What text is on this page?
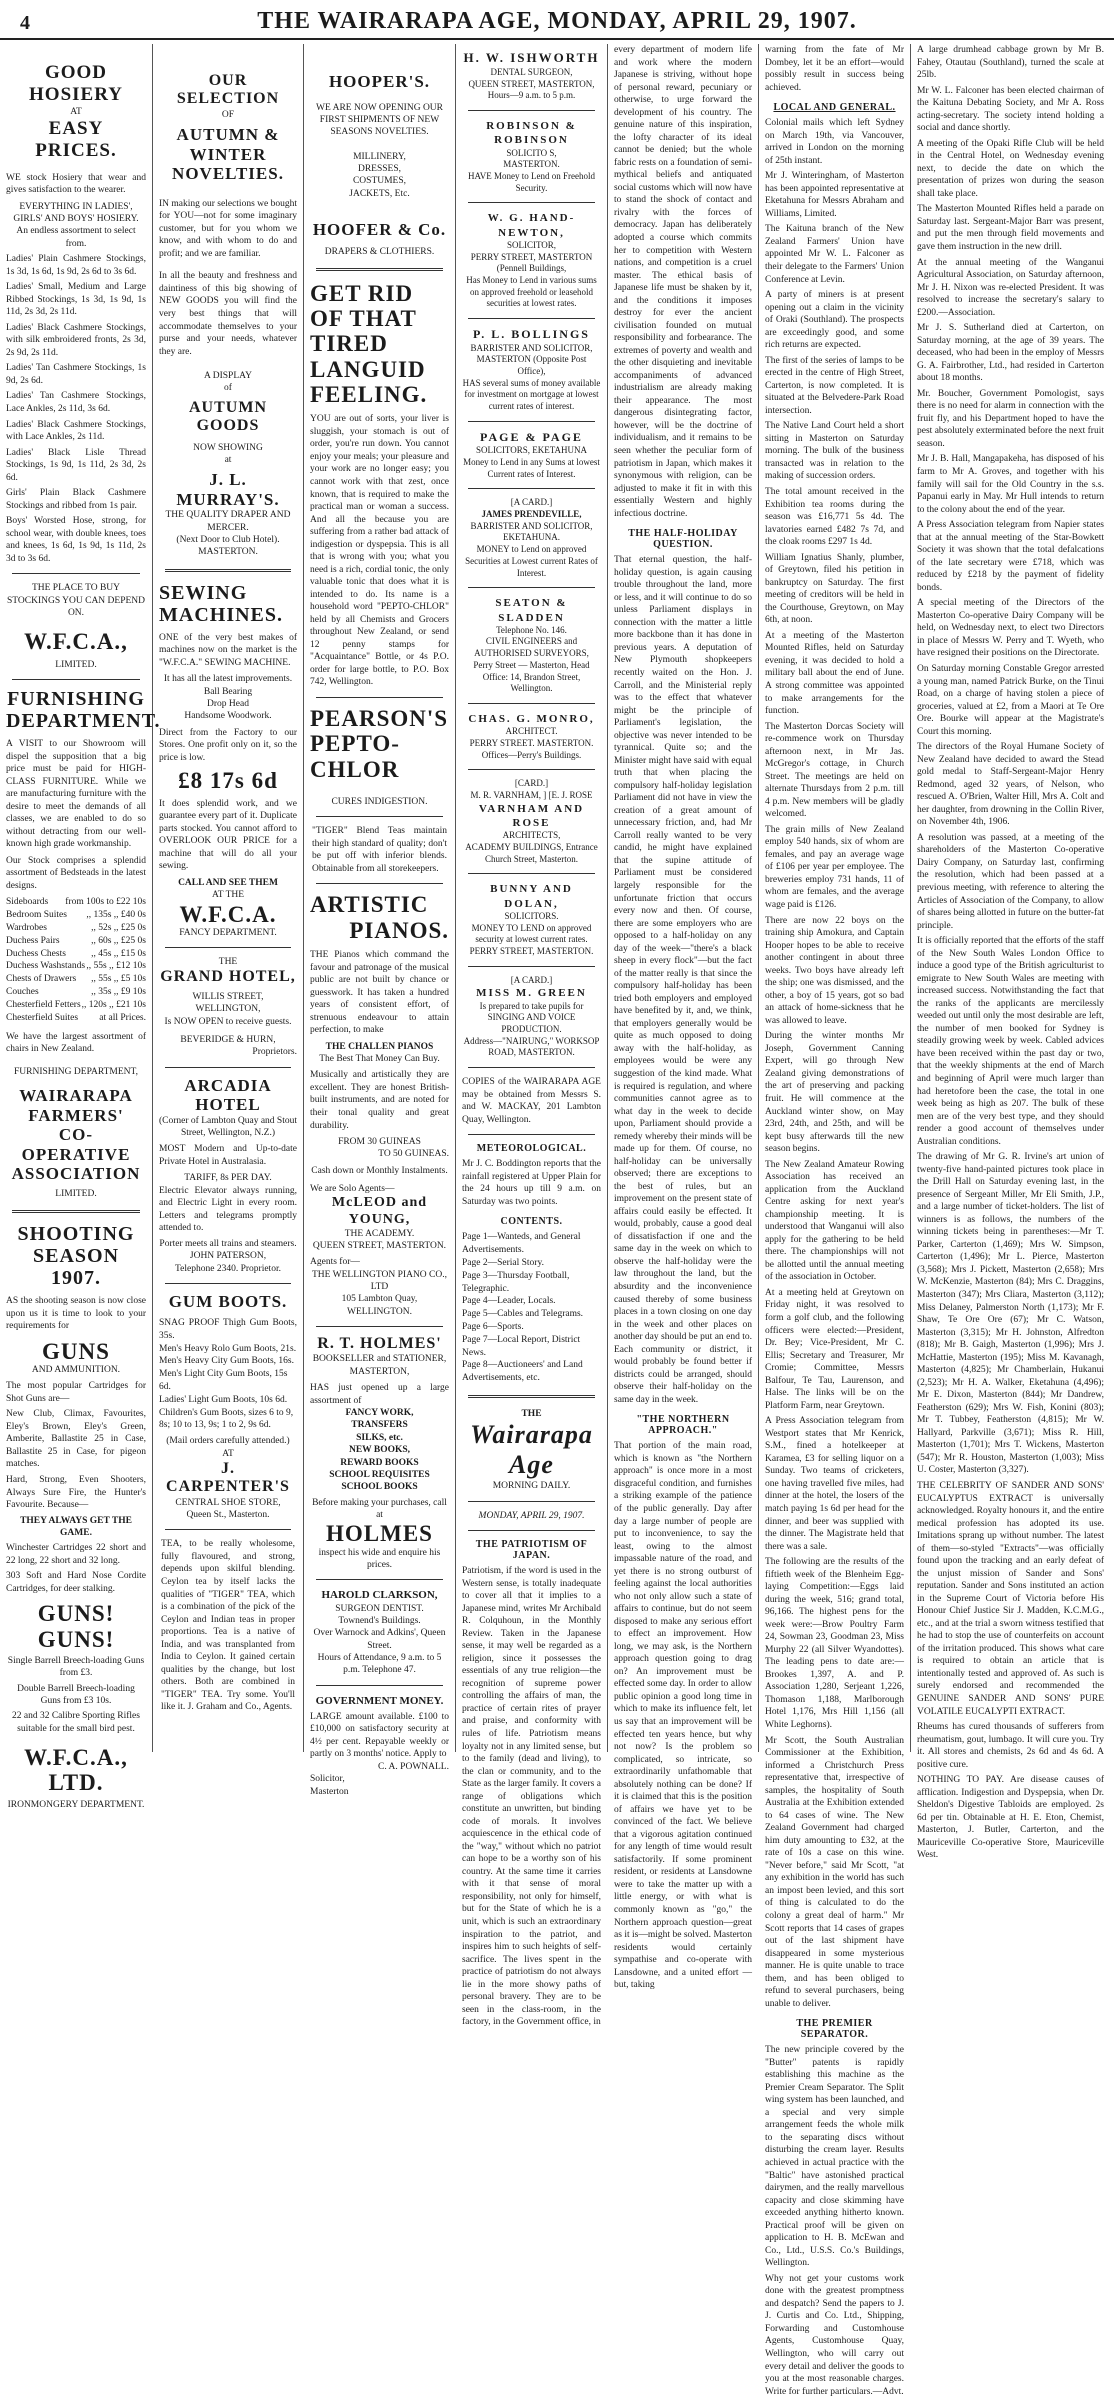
4	THE WAIRARAPA AGE, MONDAY, APRIL 29, 1907.
GOOD HOSIERY
AT
EASY PRICES.
WE stock Hosiery that wear and gives satisfaction to the wearer.
EVERYTHING IN LADIES', GIRLS' AND BOYS' HOSIERY.
An endless assortment to select from.
Ladies' Plain Cashmere Stockings, 1s 3d, 1s 6d, 1s 9d, 2s 6d to 3s 6d.
Ladies' Small, Medium and Large Ribbed Stockings, 1s 3d, 1s 9d, 1s 11d, 2s 3d, 2s 11d.
Ladies' Black Cashmere Stockings, with silk embroidered fronts, 2s 3d, 2s 9d, 2s 11d.
Ladies' Tan Cashmere Stockings, 1s 9d, 2s 6d.
Ladies' Tan Cashmere Stockings, Lace Ankles, 2s 11d, 3s 6d.
Ladies' Black Cashmere Stockings, with Lace Ankles, 2s 11d.
Ladies' Black Lisle Thread Stockings, 1s 9d, 1s 11d, 2s 3d, 2s 6d.
Girls' Plain Black Cashmere Stockings and ribbed from 1s pair.
Boys' Worsted Hose, strong, for school wear, with double knees, toes and knees, 1s 6d, 1s 9d, 1s 11d, 2s 3d to 3s 6d.
THE PLACE TO BUY STOCKINGS YOU CAN DEPEND ON.
W.F.C.A.,
LIMITED.
FURNISHING DEPARTMENT.
A VISIT to our Showroom will dispel the supposition that a big price must be paid for HIGH-CLASS FURNITURE. While we are manufacturing furniture with the desire to meet the demands of all classes, we are enabled to do so without detracting from our well-known high grade workmanship.
Our Stock comprises a splendid assortment of Bedsteads in the latest designs.
Sideboards from 100s to £22 10s
Bedroom Suites ,, 135s ,, £40 0s
Wardrobes	,, 52s ,, £25 0s
Duchess Pairs	,, 60s ,, £25 0s
Duchess Chests	,, 45s ,, £15 0s
Duchess Washstands ,, 55s ,, £12 10s
Chests of Drawers ,, 55s ,, £5 10s
Couches	,, 35s ,, £9 10s
Chesterfield Fetters ,, 120s ,, £21 10s
Chesterfield Suites at all Prices.
We have the largest assortment of chairs in New Zealand.
FURNISHING DEPARTMENT,
WAIRARAPA
FARMERS'
CO-OPERATIVE
ASSOCIATION
LIMITED.
SHOOTING SEASON 1907.
AS the shooting season is now close upon us it is time to look to your requirements for
GUNS
AND AMMUNITION.
The most popular Cartridges for Shot Guns are—
New Club, Climax, Favourites, Eley's Brown, Eley's Green, Amberite, Ballastite 25 in Case, Ballastite 25 in Case, for pigeon matches.
Hard, Strong, Even Shooters, Always Sure Fire, the Hunter's Favourite. Because—
THEY ALWAYS GET THE GAME.
Winchester Cartridges 22 short and 22 long, 22 short and 32 long.
303 Soft and Hard Nose Cordite Cartridges, for deer stalking.
GUNS! GUNS!
Single Barrell Breech-loading Guns from £3.
Double Barrell Breech-loading Guns from £3 10s.
22 and 32 Calibre Sporting Rifles suitable for the small bird pest.
W.F.C.A., LTD.
IRONMONGERY DEPARTMENT.
OUR SELECTION
OF
AUTUMN & WINTER NOVELTIES.
IN making our selections we bought for YOU—not for some imaginary customer, but for you whom we know, and with whom to do and profit; and we are familiar.
In all the beauty and freshness and daintiness of this big showing of NEW GOODS you will find the very best things that will accommodate themselves to your purse and your needs, whatever they are.
A DISPLAY
of
AUTUMN GOODS
NOW SHOWING
at
J. L. MURRAY'S.
THE QUALITY DRAPER AND MERCER.
(Next Door to Club Hotel).
MASTERTON.
SEWING MACHINES.
ONE of the very best makes of machines now on the market is the "W.F.C.A." SEWING MACHINE.
It has all the latest improvements.
Ball Bearing
Drop Head
Handsome Woodwork.
Direct from the Factory to our Stores. One profit only on it, so the price is low.
£8 17s 6d
It does splendid work, and we guarantee every part of it. Duplicate parts stocked. You cannot afford to OVERLOOK OUR PRICE for a machine that will do all your sewing.
CALL AND SEE THEM
AT THE
W.F.C.A.
FANCY DEPARTMENT.
THE
GRAND HOTEL,
WILLIS STREET, WELLINGTON,
Is NOW OPEN to receive guests.
BEVERIDGE & HURN,
Proprietors.
ARCADIA HOTEL
(Corner of Lambton Quay and Stout Street, Wellington, N.Z.)
MOST Modern and Up-to-date Private Hotel in Australasia.
TARIFF, 8s PER DAY.
Electric Elevator always running, and Electric Light in every room. Letters and telegrams promptly attended to.
Porter meets all trains and steamers.
JOHN PATERSON,
Telephone 2340. Proprietor.
GUM BOOTS.
SNAG PROOF Thigh Gum Boots, 35s.
Men's Heavy Rolo Gum Boots, 21s.
Men's Heavy City Gum Boots, 16s.
Men's Light City Gum Boots, 15s 6d.
Ladies' Light Gum Boots, 10s 6d.
Children's Gum Boots, sizes 6 to 9, 8s; 10 to 13, 9s; 1 to 2, 9s 6d.
(Mail orders carefully attended.)
AT
J. CARPENTER'S
CENTRAL SHOE STORE,
Queen St., Masterton.
TEA, to be really wholesome, fully flavoured, and strong, depends upon skilful blending. Ceylon tea by itself lacks the qualities of "TIGER" TEA, which is a combination of the pick of the Ceylon and Indian teas in proper proportions. Tea is a native of India, and was transplanted from India to Ceylon. It gained certain qualities by the change, but lost others. Both are combined in "TIGER" TEA. Try some. You'll like it. J. Graham and Co., Agents.
HOOPER'S.
WE ARE NOW OPENING OUR FIRST SHIPMENTS OF NEW SEASONS NOVELTIES.
MILLINERY,
DRESSES,
COSTUMES,
JACKETS, Etc.
HOOFER & Co.
DRAPERS & CLOTHIERS.
GET RID OF THAT TIRED LANGUID FEELING.
YOU are out of sorts, your liver is sluggish, your stomach is out of order, you're run down. You cannot enjoy your meals; your pleasure and your work are no longer easy; you cannot work with that zest, once known, that is required to make the practical man or woman a success. And all the because you are suffering from a rather bad attack of indigestion or dyspepsia. This is all that is wrong with you; what you need is a rich, cordial tonic, the only valuable tonic that does what it is intended to do. Its name is a household word "PEPTO-CHLOR" held by all Chemists and Grocers throughout New Zealand, or send 12 penny stamps for "Acquaintance" Bottle, or 4s P.O. order for large bottle, to P.O. Box 742, Wellington.
PEARSON'S
PEPTO-CHLOR
CURES INDIGESTION.
"TIGER" Blend Teas maintain their high standard of quality; don't be put off with inferior blends. Obtainable from all storekeepers.
ARTISTIC
PIANOS.
THE Pianos which command the favour and patronage of the musical public are not built by chance or guesswork. It has taken a hundred years of consistent effort, of strenuous endeavour to attain perfection, to make
THE CHALLEN PIANOS
The Best That Money Can Buy.
Musically and artistically they are excellent. They are honest British-built instruments, and are noted for their tonal quality and great durability.
FROM 30 GUINEAS
TO 50 GUINEAS.
Cash down or Monthly Instalments.
We are Solo Agents—
McLEOD and YOUNG,
THE ACADEMY.
QUEEN STREET, MASTERTON.
Agents for—
THE WELLINGTON PIANO CO., LTD
105 Lambton Quay,
WELLINGTON.
R. T. HOLMES'
BOOKSELLER and STATIONER,
MASTERTON,
HAS just opened up a large assortment of
FANCY WORK,
TRANSFERS
SILKS, etc.
NEW BOOKS,
REWARD BOOKS
SCHOOL REQUISITES
SCHOOL BOOKS
Before making your purchases, call at
HOLMES
inspect his wide and enquire his prices.
HAROLD CLARKSON,
SURGEON DENTIST.
Townend's Buildings.
Over Warnock and Adkins', Queen Street.
Hours of Attendance, 9 a.m. to 5 p.m. Telephone 47.
GOVERNMENT MONEY.
LARGE amount available. £100 to £10,000 on satisfactory security at 4½ per cent. Repayable weekly or partly on 3 months' notice. Apply to
C. A. POWNALL.
Solicitor,
Masterton
H. W. ISHWORTH
DENTAL SURGEON,
QUEEN STREET, MASTERTON,
Hours—9 a.m. to 5 p.m.
ROBINSON & ROBINSON
SOLICITO S,
MASTERTON.
HAVE Money to Lend on Freehold Security.
W. G. HAND-NEWTON,
SOLICITOR,
PERRY STREET, MASTERTON (Pennell Buildings,
Has Money to Lend in various sums on approved freehold or leasehold securities at lowest rates.
P. L. BOLLINGS
BARRISTER AND SOLICITOR,
MASTERTON (Opposite Post Office),
HAS several sums of money available for investment on mortgage at lowest current rates of interest.
PAGE & PAGE
SOLICITORS, EKETAHUNA
Money to Lend in any Sums at lowest Current rates of Interest.
[A CARD.]
JAMES PRENDEVILLE,
BARRISTER AND SOLICITOR,
EKETAHUNA.
MONEY to Lend on approved Securities at Lowest current Rates of Interest.
SEATON & SLADDEN
Telephone No. 146.
CIVIL ENGINEERS and AUTHORISED SURVEYORS,
Perry Street — Masterton, Head Office: 14, Brandon Street, Wellington.
CHAS. G. MONRO,
ARCHITECT.
PERRY STREET. MASTERTON. Offices—Perry's Buildings.
[CARD.]
M. R. VARNHAM, ] [E. J. ROSE
VARNHAM AND ROSE
ARCHITECTS,
ACADEMY BUILDINGS, Entrance Church Street, Masterton.
BUNNY AND DOLAN,
SOLICITORS.
MONEY TO LEND on approved security at lowest current rates.
PERRY STREET, MASTERTON.
[A CARD.]
MISS M. GREEN
Is prepared to take pupils for SINGING AND VOICE PRODUCTION.
Address—"NAIRUNG," WORKSOP ROAD, MASTERTON.
COPIES of the WAIRARAPA AGE may be obtained from Messrs S. and W. MACKAY, 201 Lambton Quay, Wellington.
METEOROLOGICAL.
Mr J. C. Boddington reports that the rainfall registered at Upper Plain for the 24 hours up till 9 a.m. on Saturday was two points.
CONTENTS.
Page 1—Wanteds, and General Advertisements.
Page 2—Serial Story.
Page 3—Thursday Football, Telegraphic.
Page 4—Leader, Locals.
Page 5—Cables and Telegrams.
Page 6—Sports.
Page 7—Local Report, District News.
Page 8—Auctioneers' and Land Advertisements, etc.
THE
Wairarapa Age
MORNING DAILY.
MONDAY, APRIL 29, 1907.
THE PATRIOTISM OF JAPAN.
Patriotism, if the word is used in the Western sense, is totally inadequate to cover all that it implies to a Japanese mind, writes Mr Archibald R. Colquhoun, in the Monthly Review. Taken in the Japanese sense, it may well be regarded as a religion, since it possesses the essentials of any true religion—the recognition of supreme power controlling the affairs of man, the practice of certain rites of prayer and praise, and conformity with rules of life. Patriotism means loyalty not in any limited sense, but to the family (dead and living), to the clan or community, and to the State as the larger family. It covers a range of obligations which constitute an unwritten, but binding code of morals. It involves acquiescence in the ethical code of the "way," without which no patriot can hope to be a worthy son of his country. At the same time it carries with it that sense of moral responsibility, not only for himself, but for the State of which he is a unit, which is such an extraordinary inspiration to the patriot, and inspires him to such heights of self-sacrifice. The lives spent in the practice of patriotism do not always lie in the more showy paths of personal bravery. They are to be seen in the class-room, in the factory, in the Government office, in
every department of modern life and work where the modern Japanese is striving, without hope of personal reward, pecuniary or otherwise, to urge forward the development of his country. The genuine nature of this inspiration, the lofty character of its ideal cannot be denied; but the whole fabric rests on a foundation of semi-mythical beliefs and antiquated social customs which will now have to stand the shock of contact and rivalry with the forces of democracy. Japan has deliberately adopted a course which commits her to competition with Western nations, and competition is a cruel master. The ethical basis of Japanese life must be shaken by it, and the conditions it imposes destroy for ever the ancient civilisation founded on mutual responsibility and forbearance. The extremes of poverty and wealth and the other disquieting and inevitable accompaniments of advanced industrialism are already making their appearance. The most dangerous disintegrating factor, however, will be the doctrine of individualism, and it remains to be seen whether the peculiar form of patriotism in Japan, which makes it synonymous with religion, can be adjusted to make it fit in with this essentially Western and highly infectious doctrine.
THE HALF-HOLIDAY QUESTION.
That eternal question, the half-holiday question, is again causing trouble throughout the land, more or less, and it will continue to do so unless Parliament displays in connection with the matter a little more backbone than it has done in previous years. A deputation of New Plymouth shopkeepers recently waited on the Hon. J. Carroll, and the Ministerial reply was to the effect that whatever might be the principle of Parliament's legislation, the objective was never intended to be tyrannical. Quite so; and the Minister might have said with equal truth that when placing the compulsory half-holiday legislation Parliament did not have in view the creation of a great amount of unnecessary friction, and, had Mr Carroll really wanted to be very candid, he might have explained that the supine attitude of Parliament must be considered largely responsible for the unfortunate friction that occurs every now and then. Of course, there are some employers who are opposed to a half-holiday on any day of the week—"there's a black sheep in every flock"—but the fact of the matter really is that since the compulsory half-holiday has been tried both employers and employed have benefited by it, and, we think, that employers generally would be quite as much opposed to doing away with the half-holiday, as employees would be were any suggestion of the kind made. What is required is regulation, and where communities cannot agree as to what day in the week to decide upon, Parliament should provide a remedy whereby their minds will be made up for them. Of course, no half-holiday can be universally observed; there are exceptions to the best of rules, but an improvement on the present state of affairs could easily be effected. It would, probably, cause a good deal of dissatisfaction if one and the same day in the week on which to observe the half-holiday were the law throughout the land, but the absurdity and the inconvenience caused thereby of some business places in a town closing on one day in the week and other places on another day should be put an end to. Each community or district, it would probably be found better if districts could be arranged, should observe their half-holiday on the same day in the week.
"THE NORTHERN APPROACH."
That portion of the main road, which is known as "the Northern approach" is once more in a most disgraceful condition, and furnishes a striking example of the patience of the public generally. Day after day a large number of people are put to inconvenience, to say the least, owing to the almost impassable nature of the road, and yet there is no strong outburst of feeling against the local authorities who not only allow such a state of affairs to continue, but do not seem disposed to make any serious effort to effect an improvement. How long, we may ask, is the Northern approach question going to drag on? An improvement must be effected some day. In order to allow public opinion a good long time in which to make its influence felt, let us say that an improvement will be effected ten years hence, but why not now? Is the problem so complicated, so intricate, so extraordinarily unfathomable that absolutely nothing can be done? If it is claimed that this is the position of affairs we have yet to be convinced of the fact. We believe that a vigorous agitation continued for any length of time would result satisfactorily. If some prominent resident, or residents at Lansdowne were to take the matter up with a little energy, or with what is commonly known as "go," the Northern approach question—great as it is—might be solved. Masterton residents would certainly sympathise and co-operate with Lansdowne, and a united effort — but, taking
warning from the fate of Mr Dombey, let it be an effort—would possibly result in success being achieved.
LOCAL AND GENERAL.
Colonial mails which left Sydney on March 19th, via Vancouver, arrived in London on the morning of 25th instant.
Mr J. Winteringham, of Masterton has been appointed representative at Eketahuna for Messrs Abraham and Williams, Limited.
The Kaituna branch of the New Zealand Farmers' Union have appointed Mr W. L. Falconer as their delegate to the Farmers' Union Conference at Levin.
A party of miners is at present opening out a claim in the vicinity of Oraki (Southland). The prospects are exceedingly good, and some rich returns are expected.
The first of the series of lamps to be erected in the centre of High Street, Carterton, is now completed. It is situated at the Belvedere-Park Road intersection.
The Native Land Court held a short sitting in Masterton on Saturday morning. The bulk of the business transacted was in relation to the making of succession orders.
The total amount received in the Exhibition tea rooms during the season was £16,771 5s 4d. The lavatories earned £482 7s 7d, and the cloak rooms £297 1s 4d.
William Ignatius Shanly, plumber, of Greytown, filed his petition in bankruptcy on Saturday. The first meeting of creditors will be held in the Courthouse, Greytown, on May 6th, at noon.
At a meeting of the Masterton Mounted Rifles, held on Saturday evening, it was decided to hold a military ball about the end of June. A strong committee was appointed to make arrangements for the function.
The Masterton Dorcas Society will re-commence work on Thursday afternoon next, in Mr Jas. McGregor's cottage, in Church Street. The meetings are held on alternate Thursdays from 2 p.m. till 4 p.m. New members will be gladly welcomed.
The grain mills of New Zealand employ 540 hands, six of whom are females, and pay an average wage of £106 per year per employee. The breweries employ 731 hands, 11 of whom are females, and the average wage paid is £126.
There are now 22 boys on the training ship Amokura, and Captain Hooper hopes to be able to receive another contingent in about three weeks. Two boys have already left the ship; one was dismissed, and the other, a boy of 15 years, got so bad an attack of home-sickness that he was allowed to leave.
During the winter months Mr Joseph, Government Canning Expert, will go through New Zealand giving demonstrations of the art of preserving and packing fruit. He will commence at the Auckland winter show, on May 23rd, 24th, and 25th, and will be kept busy afterwards till the new season begins.
The New Zealand Amateur Rowing Association has received an application from the Auckland Centre asking for next year's championship meeting. It is understood that Wanganui will also apply for the gathering to be held there. The championships will not be allotted until the annual meeting of the association in October.
At a meeting held at Greytown on Friday night, it was resolved to form a golf club, and the following officers were elected:—President, Dr. Bey; Vice-President, Mr C. Ellis; Secretary and Treasurer, Mr Cromie; Committee, Messrs Balfour, Te Tau, Laurenson, and Halse. The links will be on the Platform Farm, near Greytown.
A Press Association telegram from Westport states that Mr Kenrick, S.M., fined a hotelkeeper at Karamea, £3 for selling liquor on a Sunday. Two teams of cricketers, one having travelled five miles, had dinner at the hotel, the losers of the match paying 1s 6d per head for the dinner, and beer was supplied with the dinner. The Magistrate held that there was a sale.
The following are the results of the fiftieth week of the Blenheim Egg-laying Competition:—Eggs laid during the week, 516; grand total, 96,166. The highest pens for the week were:—Brow Poultry Farm 24, Sowman 23, Goodman 23, Miss Murphy 22 (all Silver Wyandottes). The leading pens to date are:—Brookes 1,397, A. and P. Association 1,280, Serjeant 1,226, Thomason 1,188, Marlborough Hotel 1,176, Mrs Hill 1,156 (all White Leghorns).
Mr Scott, the South Australian Commissioner at the Exhibition, informed a Christchurch Press representative that, irrespective of samples, the hospitality of South Australia at the Exhibition extended to 64 cases of wine. The New Zealand Government had charged him duty amounting to £32, at the rate of 10s a case on this wine. "Never before," said Mr Scott, "at any exhibition in the world has such an impost been levied, and this sort of thing is calculated to do the colony a great deal of harm." Mr Scott reports that 14 cases of grapes out of the last shipment have disappeared in some mysterious manner. He is quite unable to trace them, and has been obliged to refund to several purchasers, being unable to deliver.
THE PREMIER SEPARATOR.
The new principle covered by the "Butter" patents is rapidly establishing this machine as the Premier Cream Separator. The Split wing system has been launched, and a special and very simple arrangement feeds the whole milk to the separating discs without disturbing the cream layer. Results achieved in actual practice with the "Baltic" have astonished practical dairymen, and the really marvellous capacity and close skimming have exceeded anything hitherto known. Practical proof will be given on application to H. B. McEwan and Co., Ltd., U.S.S. Co.'s Buildings, Wellington.
Why not get your customs work done with the greatest promptness and despatch? Send the papers to J. J. Curtis and Co. Ltd., Shipping, Forwarding and Customhouse Agents, Customhouse Quay, Wellington, who will carry out every detail and deliver the goods to you at the most reasonable charges. Write for further particulars.—Advt.
A large drumhead cabbage grown by Mr B. Fahey, Otautau (Southland), turned the scale at 25lb.
Mr W. L. Falconer has been elected chairman of the Kaituna Debating Society, and Mr A. Ross acting-secretary. The society intend holding a social and dance shortly.
A meeting of the Opaki Rifle Club will be held in the Central Hotel, on Wednesday evening next, to decide the date on which the presentation of prizes won during the season shall take place.
The Masterton Mounted Rifles held a parade on Saturday last. Sergeant-Major Barr was present, and put the men through field movements and gave them instruction in the new drill.
At the annual meeting of the Wanganui Agricultural Association, on Saturday afternoon, Mr J. H. Nixon was re-elected President. It was resolved to increase the secretary's salary to £200.—Association.
Mr J. S. Sutherland died at Carterton, on Saturday morning, at the age of 39 years. The deceased, who had been in the employ of Messrs G. A. Fairbrother, Ltd., had resided in Carterton about 18 months.
Mr. Boucher, Government Pomologist, says there is no need for alarm in connection with the fruit fly, and his Department hoped to have the pest absolutely exterminated before the next fruit season.
Mr J. B. Hall, Mangapakeha, has disposed of his farm to Mr A. Groves, and together with his family will sail for the Old Country in the s.s. Papanui early in May. Mr Hull intends to return to the colony about the end of the year.
A Press Association telegram from Napier states that at the annual meeting of the Star-Bowkett Society it was shown that the total defalcations of the late secretary were £718, which was reduced by £218 by the payment of fidelity bonds.
A special meeting of the Directors of the Masterton Co-operative Dairy Company will be held, on Wednesday next, to elect two Directors in place of Messrs W. Perry and T. Wyeth, who have resigned their positions on the Directorate.
On Saturday morning Constable Gregor arrested a young man, named Patrick Burke, on the Tinui Road, on a charge of having stolen a piece of groceries, valued at £2, from a Maori at Te Ore Ore. Bourke will appear at the Magistrate's Court this morning.
The directors of the Royal Humane Society of New Zealand have decided to award the Stead gold medal to Staff-Sergeant-Major Henry Redmond, aged 32 years, of Nelson, who rescued A. O'Brien, Walter Hill, Mrs A. Colt and her daughter, from drowning in the Collin River, on November 4th, 1906.
A resolution was passed, at a meeting of the shareholders of the Masterton Co-operative Dairy Company, on Saturday last, confirming the resolution, which had been passed at a previous meeting, with reference to altering the Articles of Association of the Company, to allow of shares being allotted in future on the butter-fat principle.
It is officially reported that the efforts of the staff of the New South Wales London Office to induce a good type of the British agriculturist to emigrate to New South Wales are meeting with increased success. Notwithstanding the fact that the ranks of the applicants are mercilessly weeded out until only the most desirable are left, the number of men booked for Sydney is steadily growing week by week. Cabled advices have been received within the past day or two, that the weekly shipments at the end of March and beginning of April were much larger than had heretofore been the case, the total in one week being as high as 207. The bulk of these men are of the very best type, and they should render a good account of themselves under Australian conditions.
The drawing of Mr G. R. Irvine's art union of twenty-five hand-painted pictures took place in the Drill Hall on Saturday evening last, in the presence of Sergeant Miller, Mr Eli Smith, J.P., and a large number of ticket-holders. The list of winners is as follows, the numbers of the winning tickets being in parentheses:—Mr T. Parker, Carterton (1,469); Mrs W. Simpson, Carterton (1,496); Mr L. Pierce, Masterton (3,568); Mrs J. Pickett, Masterton (2,658); Mrs W. McKenzie, Masterton (84); Mrs C. Draggins, Masterton (347); Mrs Cliara, Masterton (3,112); Miss Delaney, Palmerston North (1,173); Mr F. Shaw, Te Ore Ore (67); Mr C. Watson, Masterton (3,315); Mr H. Johnston, Alfredton (818); Mr B. Gaigh, Masterton (1,996); Mrs J. McHattie, Masterton (195); Miss M. Kavanagh, Masterton (4,825); Mr Chamberlain, Hukanui (2,523); Mr H. A. Walker, Eketahuna (4,496); Mr E. Dixon, Masterton (844); Mr Dandrew, Featherston (629); Mrs W. Fish, Konini (803); Mr T. Tubbey, Featherston (4,815); Mr W. Hallyard, Parkville (3,671); Miss R. Hill, Masterton (1,701); Mrs T. Wickens, Masterton (547); Mr R. Houston, Masterton (1,003); Miss U. Coster, Masterton (3,327).
THE CELEBRITY OF SANDER AND SONS' EUCALYPTUS EXTRACT is universally acknowledged. Royalty honours it, and the entire medical profession has adopted its use. Imitations sprang up without number. The latest of them—so-styled "Extracts"—was officially found upon the tracking and an early defeat of the unjust mission of Sander and Sons' reputation. Sander and Sons instituted an action in the Supreme Court of Victoria before His Honour Chief Justice Sir J. Madden, K.C.M.G., etc., and at the trial a sworn witness testified that he had to stop the use of counterfeits on account of the irritation produced. This shows what care is required to obtain an article that is intentionally tested and approved of. As such is surely endorsed and recommended the GENUINE SANDER AND SONS' PURE VOLATILE EUCALYPTI EXTRACT.
Rheums has cured thousands of sufferers from rheumatism, gout, lumbago. It will cure you. Try it. All stores and chemists, 2s 6d and 4s 6d. A positive cure.
NOTHING TO PAY. Are disease causes of afflication. Indigestion and Dyspepsia, when Dr. Sheldon's Digestive Tabloids are employed. 2s 6d per tin. Obtainable at H. E. Eton, Chemist, Masterton, J. Butler, Carterton, and the Mauriceville Co-operative Store, Mauriceville West.
